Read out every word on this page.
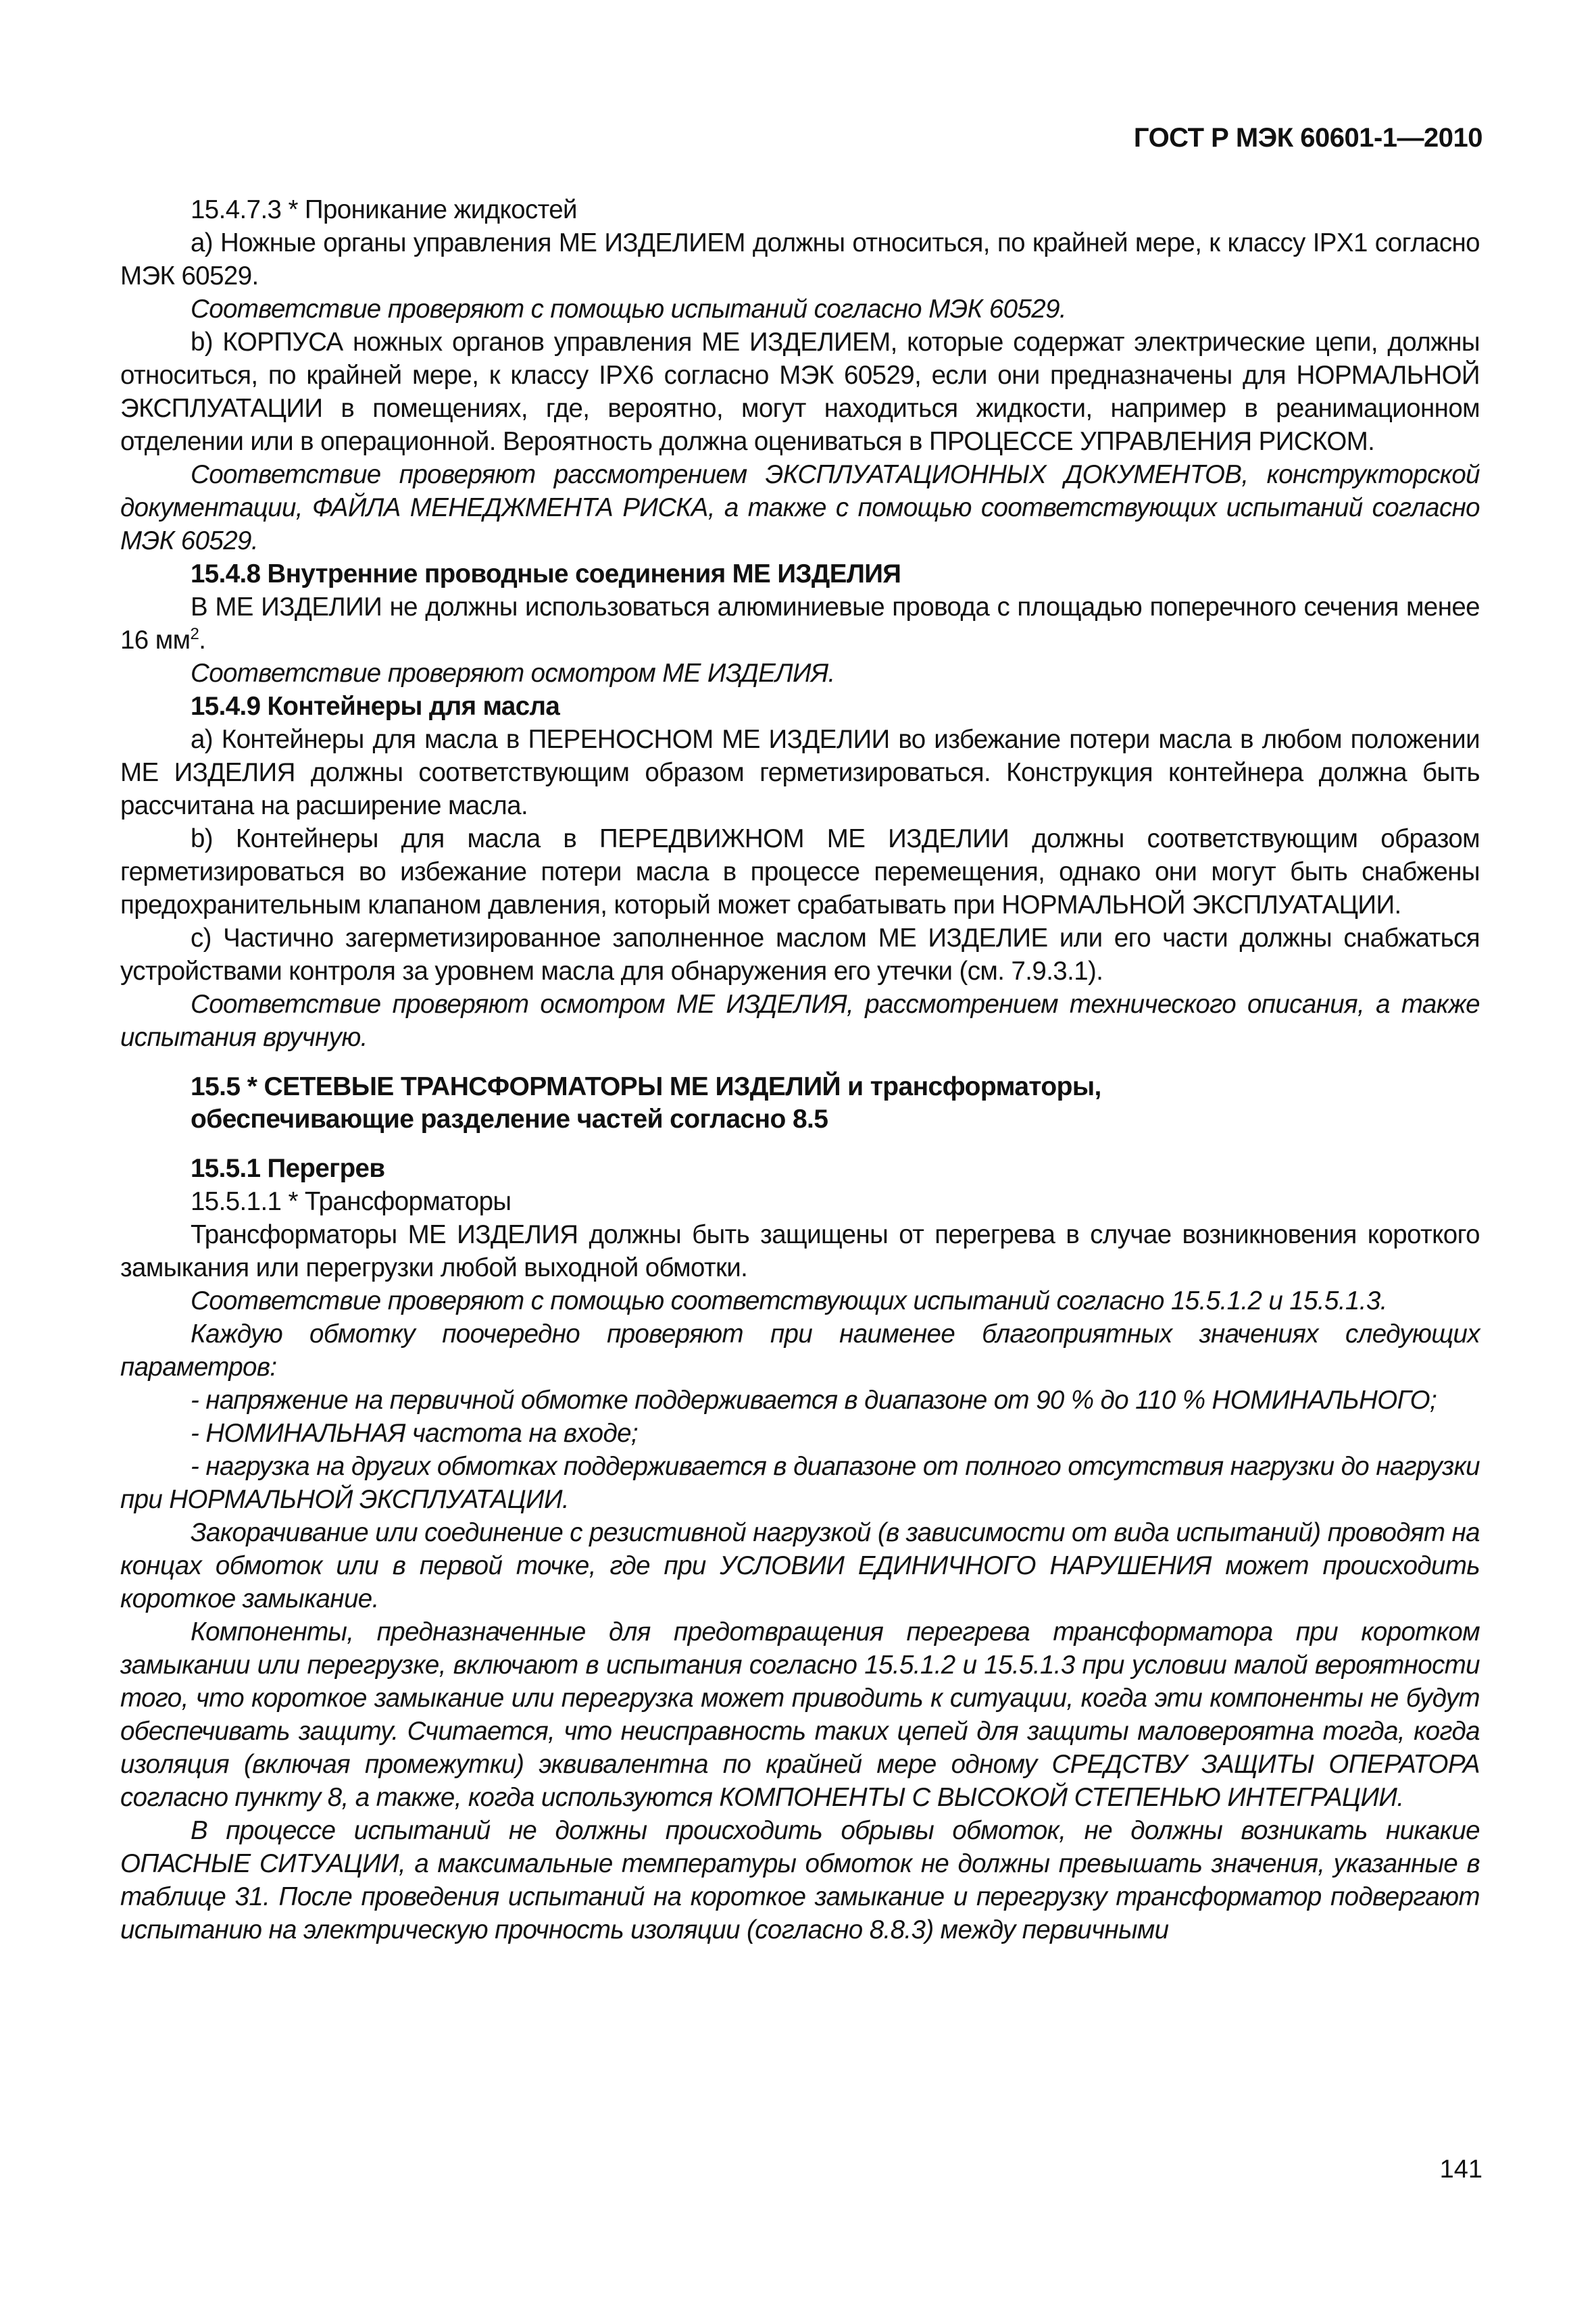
ГОСТ Р МЭК 60601-1—2010

15.4.7.3 * Проникание жидкостей

а) Ножные органы управления МЕ ИЗДЕЛИЕМ должны относиться, по крайней мере, к классу IPX1 согласно МЭК 60529.

Соответствие проверяют с помощью испытаний согласно МЭК 60529.

b) КОРПУСА ножных органов управления МЕ ИЗДЕЛИЕМ, которые содержат электрические цепи, должны относиться, по крайней мере, к классу IPX6 согласно МЭК 60529, если они предназначены для НОРМАЛЬНОЙ ЭКСПЛУАТАЦИИ в помещениях, где, вероятно, могут находиться жидкости, например в реанимационном отделении или в операционной. Вероятность должна оцениваться в ПРОЦЕССЕ УПРАВЛЕНИЯ РИСКОМ.

Соответствие проверяют рассмотрением ЭКСПЛУАТАЦИОННЫХ ДОКУМЕНТОВ, конструкторской документации, ФАЙЛА МЕНЕДЖМЕНТА РИСКА, а также с помощью соответствующих испытаний согласно МЭК 60529.

15.4.8 Внутренние проводные соединения МЕ ИЗДЕЛИЯ

В МЕ ИЗДЕЛИИ не должны использоваться алюминиевые провода с площадью поперечного сечения менее 16 $мм^2$.

Соответствие проверяют осмотром МЕ ИЗДЕЛИЯ.

15.4.9 Контейнеры для масла

а) Контейнеры для масла в ПЕРЕНОСНОМ МЕ ИЗДЕЛИИ во избежание потери масла в любом положении МЕ ИЗДЕЛИЯ должны соответствующим образом герметизироваться. Конструкция контейнера должна быть рассчитана на расширение масла.

b) Контейнеры для масла в ПЕРЕДВИЖНОМ МЕ ИЗДЕЛИИ должны соответствующим образом герметизироваться во избежание потери масла в процессе перемещения, однако они могут быть снабжены предохранительным клапаном давления, который может срабатывать при НОРМАЛЬНОЙ ЭКСПЛУАТАЦИИ.

с) Частично загерметизированное заполненное маслом МЕ ИЗДЕЛИЕ или его части должны снабжаться устройствами контроля за уровнем масла для обнаружения его утечки (см. 7.9.3.1).

Соответствие проверяют осмотром МЕ ИЗДЕЛИЯ, рассмотрением технического описания, а также испытания вручную.

15.5 * СЕТЕВЫЕ ТРАНСФОРМАТОРЫ МЕ ИЗДЕЛИЙ и трансформаторы,
обеспечивающие разделение частей согласно 8.5

15.5.1 Перегрев

15.5.1.1 * Трансформаторы

Трансформаторы МЕ ИЗДЕЛИЯ должны быть защищены от перегрева в случае возникновения короткого замыкания или перегрузки любой выходной обмотки.

Соответствие проверяют с помощью соответствующих испытаний согласно 15.5.1.2 и 15.5.1.3.

Каждую обмотку поочередно проверяют при наименее благоприятных значениях следующих параметров:

- напряжение на первичной обмотке поддерживается в диапазоне от 90 % до 110 % НОМИНАЛЬНОГО;

- НОМИНАЛЬНАЯ частота на входе;

- нагрузка на других обмотках поддерживается в диапазоне от полного отсутствия нагрузки до нагрузки при НОРМАЛЬНОЙ ЭКСПЛУАТАЦИИ.

Закорачивание или соединение с резистивной нагрузкой (в зависимости от вида испытаний) проводят на концах обмоток или в первой точке, где при УСЛОВИИ ЕДИНИЧНОГО НАРУШЕНИЯ может происходить короткое замыкание.

Компоненты, предназначенные для предотвращения перегрева трансформатора при коротком замыкании или перегрузке, включают в испытания согласно 15.5.1.2 и 15.5.1.3 при условии малой вероятности того, что короткое замыкание или перегрузка может приводить к ситуации, когда эти компоненты не будут обеспечивать защиту. Считается, что неисправность таких цепей для защиты маловероятна тогда, когда изоляция (включая промежутки) эквивалентна по крайней мере одному СРЕДСТВУ ЗАЩИТЫ ОПЕРАТОРА согласно пункту 8, а также, когда используются КОМПОНЕНТЫ С ВЫСОКОЙ СТЕПЕНЬЮ ИНТЕГРАЦИИ.

В процессе испытаний не должны происходить обрывы обмоток, не должны возникать никакие ОПАСНЫЕ СИТУАЦИИ, а максимальные температуры обмоток не должны превышать значения, указанные в таблице 31. После проведения испытаний на короткое замыкание и перегрузку трансформатор подвергают испытанию на электрическую прочность изоляции (согласно 8.8.3) между первичными

141
